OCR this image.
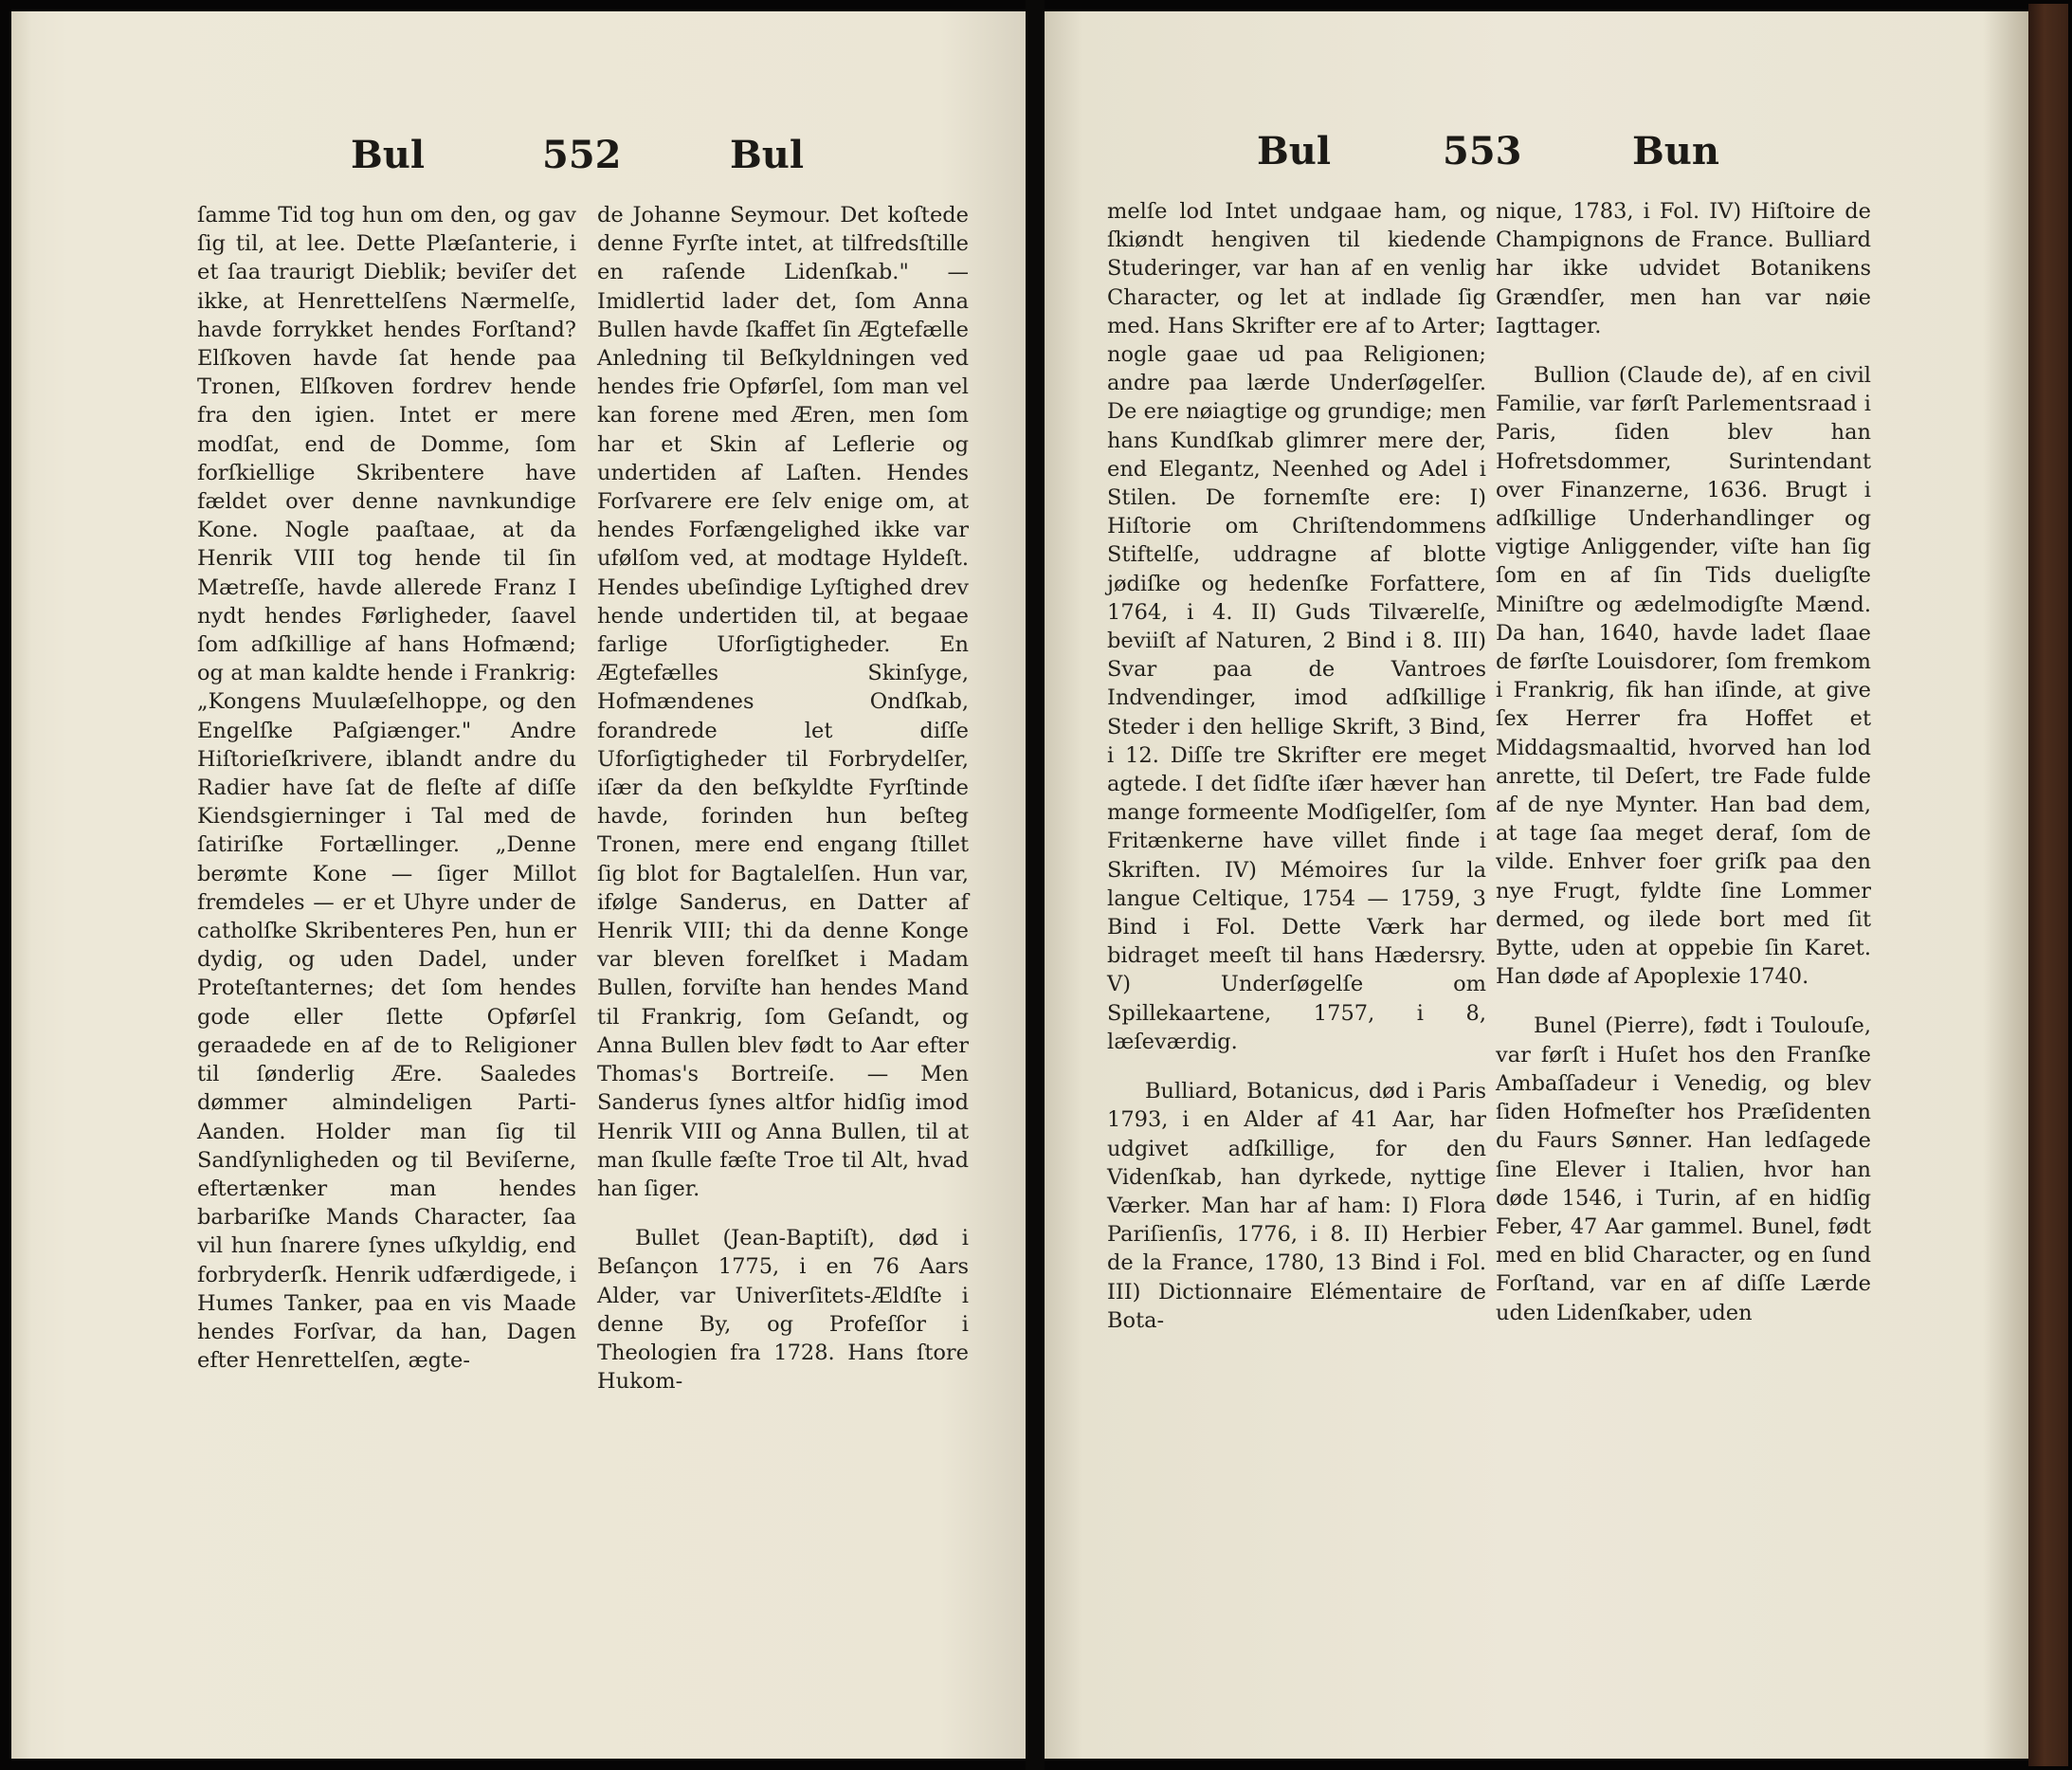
Bul	552	Bul

ſamme Tid tog hun om den, og gav ſig til, at lee. Dette Plæſanterie, i et ſaa traurigt Dieblik; beviſer det ikke, at Henrettelſens Nærmelſe, havde forrykket hendes Forſtand? Elſkoven havde ſat hende paa Tronen, Elſkoven fordrev hende fra den igien. Intet er mere modſat, end de Domme, ſom forſkiellige Skribentere have fældet over denne navnkundige Kone. Nogle paaſtaae, at da Henrik VIII tog hende til ſin Mætreſſe, havde allerede Franz I nydt hendes Førligheder, ſaavel ſom adſkillige af hans Hofmænd; og at man kaldte hende i Frankrig: „Kongens Muulæſelhoppe, og den Engelſke Paſgiænger." Andre Hiſtorieſkrivere, iblandt andre du Radier have ſat de fleſte af diſſe Kiendsgierninger i Tal med de ſatiriſke Fortællinger. „Denne berømte Kone — ſiger Millot fremdeles — er et Uhyre under de catholſke Skribenteres Pen, hun er dydig, og uden Dadel, under Proteſtanternes; det ſom hendes gode eller ſlette Opførſel geraadede en af de to Religioner til ſønderlig Ære. Saaledes dømmer almindeligen Parti-Aanden. Holder man ſig til Sandſynligheden og til Beviſerne, eftertænker man hendes barbariſke Mands Character, ſaa vil hun ſnarere ſynes uſkyldig, end forbryderſk. Henrik udfærdigede, i Humes Tanker, paa en vis Maade hendes Forſvar, da han, Dagen efter Henrettelſen, ægte-

de Johanne Seymour. Det koſtede denne Fyrſte intet, at tilfredsſtille en raſende Lidenſkab." — Imidlertid lader det, ſom Anna Bullen havde ſkaffet ſin Ægtefælle Anledning til Beſkyldningen ved hendes frie Opførſel, ſom man vel kan forene med Æren, men ſom har et Skin af Leflerie og undertiden af Laſten. Hendes Forſvarere ere ſelv enige om, at hendes Forfængelighed ikke var ufølſom ved, at modtage Hyldeſt. Hendes ubeſindige Lyſtighed drev hende undertiden til, at begaae farlige Uforſigtigheder. En Ægtefælles Skinſyge, Hofmændenes Ondſkab, forandrede let diſſe Uforſigtigheder til Forbrydelſer, iſær da den beſkyldte Fyrſtinde havde, forinden hun beſteg Tronen, mere end engang ſtillet ſig blot for Bagtalelſen. Hun var, ifølge Sanderus, en Datter af Henrik VIII; thi da denne Konge var bleven forelſket i Madam Bullen, forviſte han hendes Mand til Frankrig, ſom Geſandt, og Anna Bullen blev født to Aar efter Thomas's Bortreiſe. — Men Sanderus ſynes altfor hidſig imod Henrik VIII og Anna Bullen, til at man ſkulle fæſte Troe til Alt, hvad han ſiger.

Bullet (Jean-Baptiſt), død i Beſançon 1775, i en 76 Aars Alder, var Univerſitets-Ældſte i denne By, og Profeſſor i Theologien fra 1728. Hans ſtore Hukom-

Bul	553	Bun

melſe lod Intet undgaae ham, og ſkiøndt hengiven til kiedende Studeringer, var han af en venlig Character, og let at indlade ſig med. Hans Skrifter ere af to Arter; nogle gaae ud paa Religionen; andre paa lærde Underſøgelſer. De ere nøiagtige og grundige; men hans Kundſkab glimrer mere der, end Elegantz, Neenhed og Adel i Stilen. De fornemſte ere: I) Hiſtorie om Chriſtendommens Stiftelſe, uddragne af blotte jødiſke og hedenſke Forfattere, 1764, i 4. II) Guds Tilværelſe, beviiſt af Naturen, 2 Bind i 8. III) Svar paa de Vantroes Indvendinger, imod adſkillige Steder i den hellige Skrift, 3 Bind, i 12. Diſſe tre Skrifter ere meget agtede. I det ſidſte iſær hæver han mange formeente Modſigelſer, ſom Fritænkerne have villet finde i Skriften. IV) Mémoires ſur la langue Celtique, 1754 — 1759, 3 Bind i Fol. Dette Værk har bidraget meeſt til hans Hædersry. V) Underſøgelſe om Spillekaartene, 1757, i 8, læſeværdig.

Bulliard, Botanicus, død i Paris 1793, i en Alder af 41 Aar, har udgivet adſkillige, for den Videnſkab, han dyrkede, nyttige Værker. Man har af ham: I) Flora Pariſienſis, 1776, i 8. II) Herbier de la France, 1780, 13 Bind i Fol. III) Dictionnaire Elémentaire de Bota-

nique, 1783, i Fol. IV) Hiſtoire de Champignons de France. Bulliard har ikke udvidet Botanikens Grændſer, men han var nøie Iagttager.

Bullion (Claude de), af en civil Familie, var førſt Parlementsraad i Paris, ſiden blev han Hofretsdommer, Surintendant over Finanzerne, 1636. Brugt i adſkillige Underhandlinger og vigtige Anliggender, viſte han ſig ſom en af ſin Tids dueligſte Miniſtre og ædelmodigſte Mænd. Da han, 1640, havde ladet ſlaae de førſte Louisdorer, ſom fremkom i Frankrig, fik han iſinde, at give ſex Herrer fra Hoffet et Middagsmaaltid, hvorved han lod anrette, til Deſert, tre Fade fulde af de nye Mynter. Han bad dem, at tage ſaa meget deraf, ſom de vilde. Enhver foer griſk paa den nye Frugt, fyldte ſine Lommer dermed, og ilede bort med ſit Bytte, uden at oppebie ſin Karet. Han døde af Apoplexie 1740.

Bunel (Pierre), født i Toulouſe, var førſt i Huſet hos den Franſke Ambaſſadeur i Venedig, og blev ſiden Hofmeſter hos Præſidenten du Faurs Sønner. Han ledſagede ſine Elever i Italien, hvor han døde 1546, i Turin, af en hidſig Feber, 47 Aar gammel. Bunel, født med en blid Character, og en ſund Forſtand, var en af diſſe Lærde uden Lidenſkaber, uden
